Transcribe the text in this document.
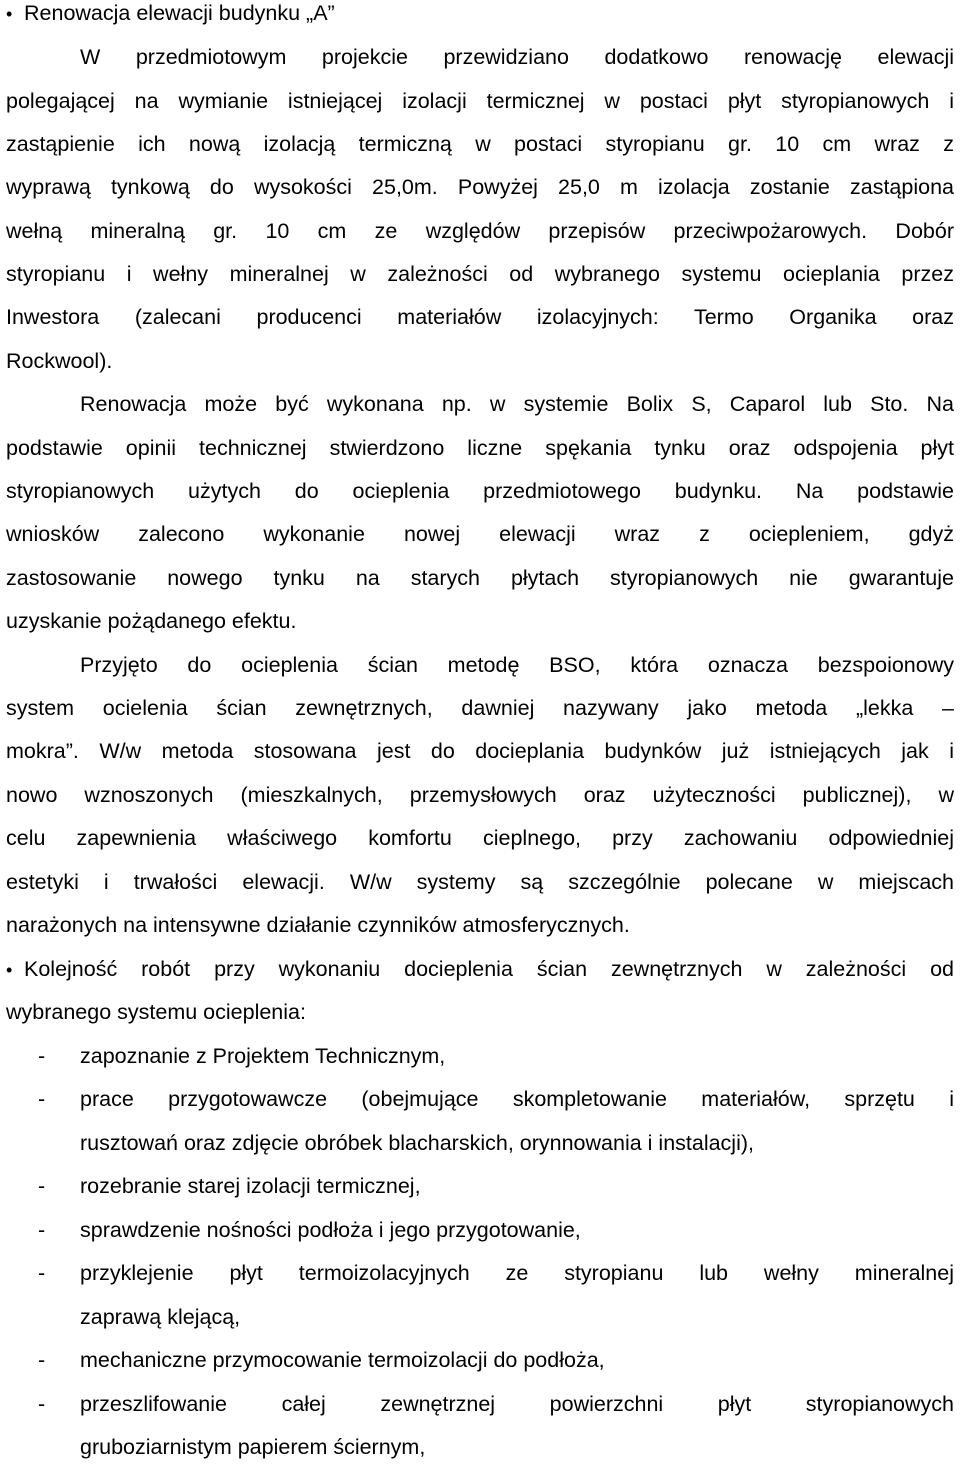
• Renowacja elewacji budynku „A”
W przedmiotowym projekcie przewidziano dodatkowo renowację elewacji
polegającej na wymianie istniejącej izolacji termicznej w postaci płyt styropianowych i
zastąpienie ich nową izolacją termiczną w postaci styropianu gr. 10 cm wraz z
wyprawą tynkową do wysokości 25,0m. Powyżej 25,0 m izolacja zostanie zastąpiona
wełną mineralną gr. 10 cm ze względów przepisów przeciwpożarowych. Dobór
styropianu i wełny mineralnej w zależności od wybranego systemu ocieplania przez
Inwestora (zalecani producenci materiałów izolacyjnych: Termo Organika oraz
Rockwool).
Renowacja może być wykonana np. w systemie Bolix S, Caparol lub Sto. Na
podstawie opinii technicznej stwierdzono liczne spękania tynku oraz odspojenia płyt
styropianowych użytych do ocieplenia przedmiotowego budynku. Na podstawie
wniosków zalecono wykonanie nowej elewacji wraz z ociepleniem, gdyż
zastosowanie nowego tynku na starych płytach styropianowych nie gwarantuje
uzyskanie pożądanego efektu.
Przyjęto do ocieplenia ścian metodę BSO, która oznacza bezspoionowy
system ocielenia ścian zewnętrznych, dawniej nazywany jako metoda „lekka –
mokra”. W/w metoda stosowana jest do docieplania budynków już istniejących jak i
nowo wznoszonych (mieszkalnych, przemysłowych oraz użyteczności publicznej), w
celu zapewnienia właściwego komfortu cieplnego, przy zachowaniu odpowiedniej
estetyki i trwałości elewacji. W/w systemy są szczególnie polecane w miejscach
narażonych na intensywne działanie czynników atmosferycznych.
• Kolejność robót przy wykonaniu docieplenia ścian zewnętrznych w zależności od
wybranego systemu ocieplenia:
-	zapoznanie z Projektem Technicznym,
-	prace przygotowawcze (obejmujące skompletowanie materiałów, sprzętu i
rusztowań oraz zdjęcie obróbek blacharskich, orynnowania i instalacji),
-	rozebranie starej izolacji termicznej,
-	sprawdzenie nośności podłoża i jego przygotowanie,
-	przyklejenie płyt termoizolacyjnych ze styropianu lub wełny mineralnej
zaprawą klejącą,
-	mechaniczne przymocowanie termoizolacji do podłoża,
-	przeszlifowanie całej zewnętrznej powierzchni płyt styropianowych
gruboziarnistym papierem ściernym,
